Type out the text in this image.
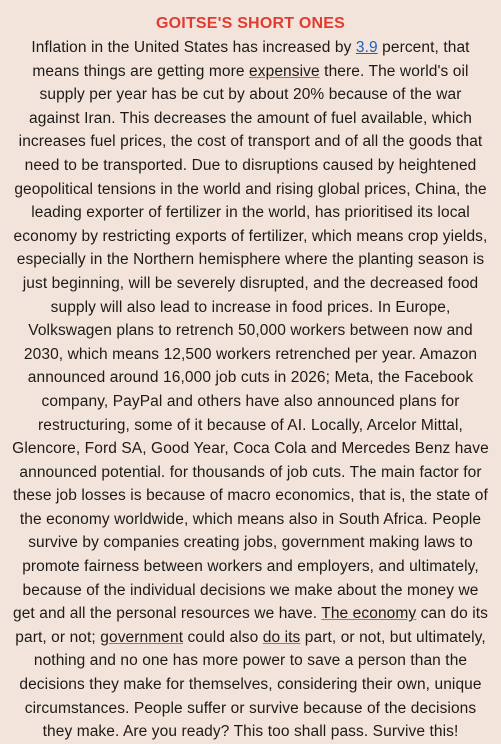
GOITSE'S SHORT ONES

Inflation in the United States has increased by 3.9 percent, that means things are getting more expensive there. The world's oil supply per year has be cut by about 20% because of the war against Iran. This decreases the amount of fuel available, which increases fuel prices, the cost of transport and of all the goods that need to be transported. Due to disruptions caused by heightened geopolitical tensions in the world and rising global prices, China, the leading exporter of fertilizer in the world, has prioritised its local economy by restricting exports of fertilizer, which means crop yields, especially in the Northern hemisphere where the planting season is just beginning, will be severely disrupted, and the decreased food supply will also lead to increase in food prices. In Europe, Volkswagen plans to retrench 50,000 workers between now and 2030, which means 12,500 workers retrenched per year. Amazon announced around 16,000 job cuts in 2026; Meta, the Facebook company, PayPal and others have also announced plans for restructuring, some of it because of AI. Locally, Arcelor Mittal, Glencore, Ford SA, Good Year, Coca Cola and Mercedes Benz have announced potential. for thousands of job cuts. The main factor for these job losses is because of macro economics, that is, the state of the economy worldwide, which means also in South Africa. People survive by companies creating jobs, government making laws to promote fairness between workers and employers, and ultimately, because of the individual decisions we make about the money we get and all the personal resources we have. The economy can do its part, or not; government could also do its part, or not, but ultimately, nothing and no one has more power to save a person than the decisions they make for themselves, considering their own, unique circumstances. People suffer or survive because of the decisions they make. Are you ready? This too shall pass. Survive this!
